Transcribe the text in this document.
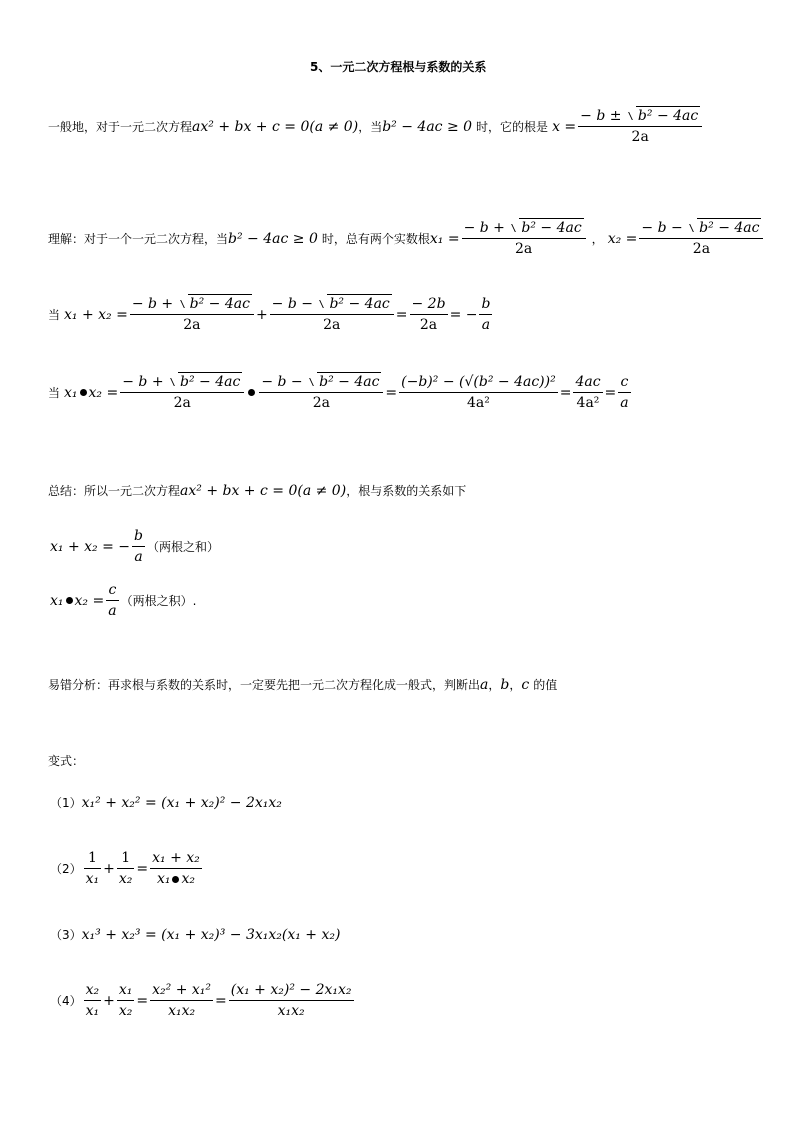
5、一元二次方程根与系数的关系
一般地，对于一元二次方程 ax² + bx + c = 0(a ≠ 0) ，当 b² − 4ac ≥ 0 时，它的根是 $x = \frac{\text{− b ± b² − 4ac}}{2a}$
理解：对于一个一元二次方程，当 b² − 4ac ≥ 0 时，总有两个实数根 $x_1 = \frac{\text{− b + b² − 4ac}}{2a}$ ， $x_2 = \frac{\text{− b − b² − 4ac}}{2a}$
当 $x_1 + x_2 = \frac{\text{− b + b² − 4ac}}{2a} + \frac{\text{− b − b² − 4ac}}{2a} = \frac{- 2b}{2a}$ = − $\frac{b}{a}$
当 x₁ $x_2 = \frac{\text{− b + b² − 4ac}}{2a} \frac{\text{− b − b² − 4ac}}{2a} = \frac{\text{(−b)² − (√(b² − 4ac))²}}{\text{4a²}} = \frac{4ac}{\text{4a²}} = \frac{c}{a}$
总结：所以一元二次方程 ax² + bx + c = 0(a ≠ 0) ，根与系数的关系如下
x₁ + x₂ = − $\frac{b}{a}$ （两根之和）
x₁ $x_2 = \frac{c}{a}$ （两根之积）.
易错分析：再求根与系数的关系时，一定要先把一元二次方程化成一般式，判断出 a ， b ， c 的值
变式：
（1） x₁² + x₂² = (x₁ + x₂)² − 2x₁x₂
$(2) \frac{1}{\text{x₁}} + \frac{1}{\text{x₂}} = \frac{\text{x₁ + x₂}}{\text{x₁ x₂}}$
（3） x₁³ + x₂³ = (x₁ + x₂)³ − 3x₁x₂(x₁ + x₂)
$(4) \frac{\text{x₂}}{\text{x₁}} + \frac{\text{x₁}}{\text{x₂}} = \frac{\text{x₂² + x₁²}}{\text{x₁x₂}} = \frac{\text{(x₁ + x₂)² − 2x₁x₂}}{\text{x₁x₂}}$
